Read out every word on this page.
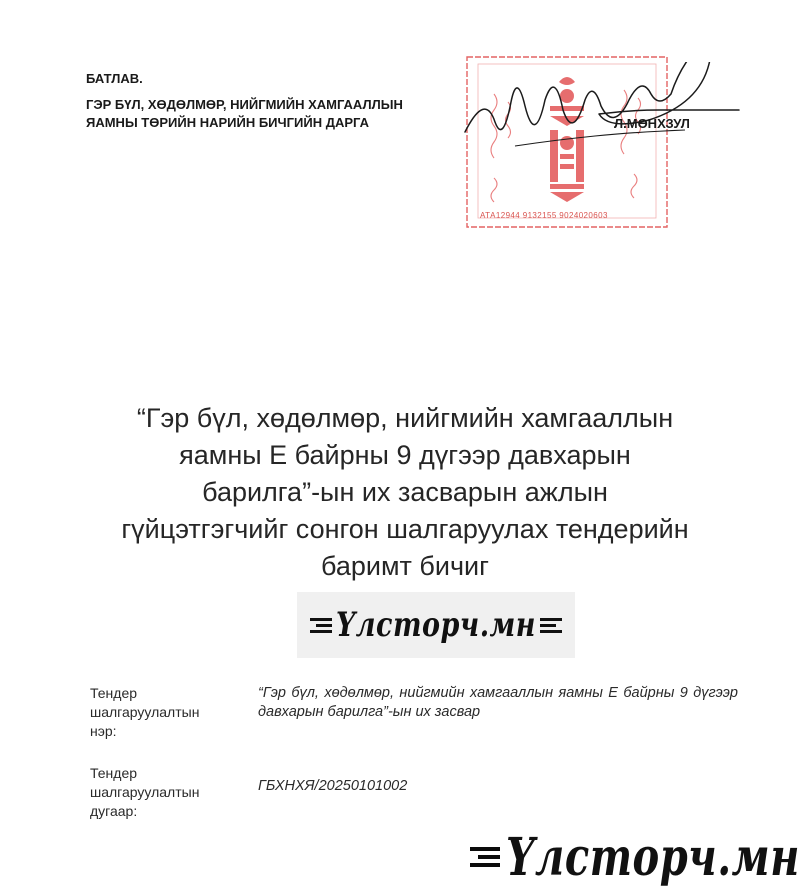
БАТЛАВ.
ГЭР БҮЛ, ХӨДӨЛМӨР, НИЙГМИЙН ХАМГААЛЛЫН
ЯАМНЫ ТӨРИЙН НАРИЙН БИЧГИЙН ДАРГА
АТА12944 9132155 9024020603
Л.МӨНХЗУЛ
“Гэр бүл, хөдөлмөр, нийгмийн хамгааллын
яамны Е байрны 9 дүгээр давхарын
барилга”-ын их засварын ажлын
гүйцэтгэгчийг сонгон шалгаруулах тендерийн
баримт бичиг
Үлсторч.мн
Тендер
шалгаруулалтын
нэр:
“Гэр бүл, хөдөлмөр, нийгмийн хамгааллын яамны Е байрны 9 дүгээр давхарын барилга”-ын их засвар
Тендер
шалгаруулалтын
дугаар:
ГБХНХЯ/20250101002
Үлсторч.мн
